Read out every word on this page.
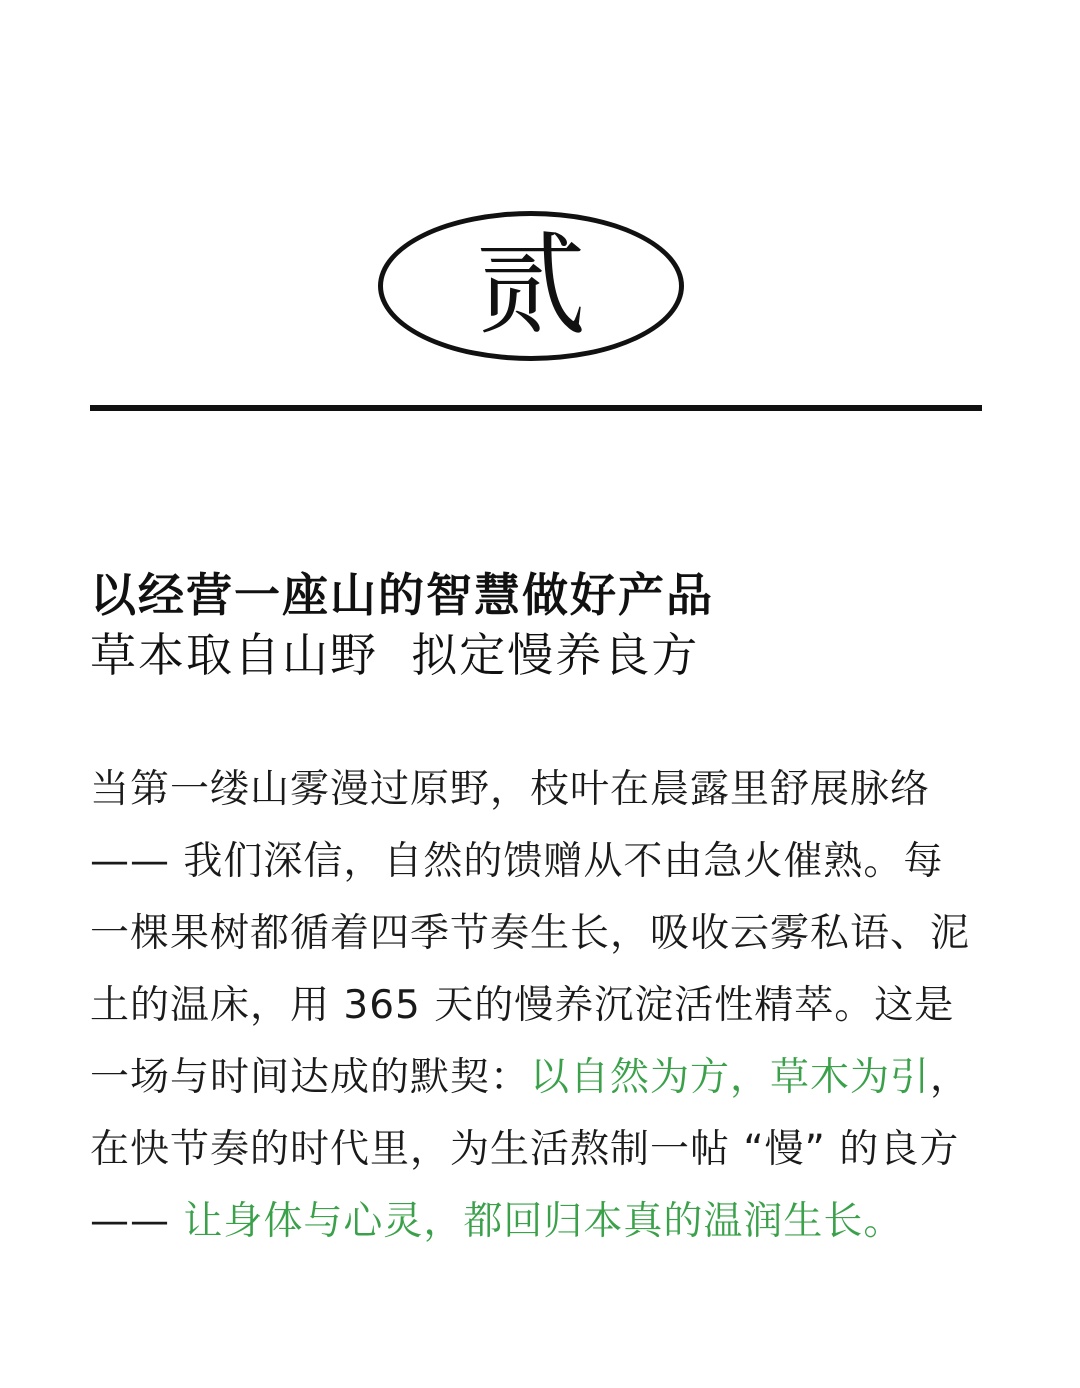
贰
以经营一座山的智慧做好产品
草本取自山野  拟定慢养良方

当第一缕山雾漫过原野，枝叶在晨露里舒展脉络 —— 我们深信，自然的馈赠从不由急火催熟。每一棵果树都循着四季节奏生长，吸收云雾私语、泥土的温床，用 365 天的慢养沉淀活性精萃。这是一场与时间达成的默契：以自然为方，草木为引，在快节奏的时代里，为生活熬制一帖 “慢” 的良方 —— 让身体与心灵，都回归本真的温润生长。
